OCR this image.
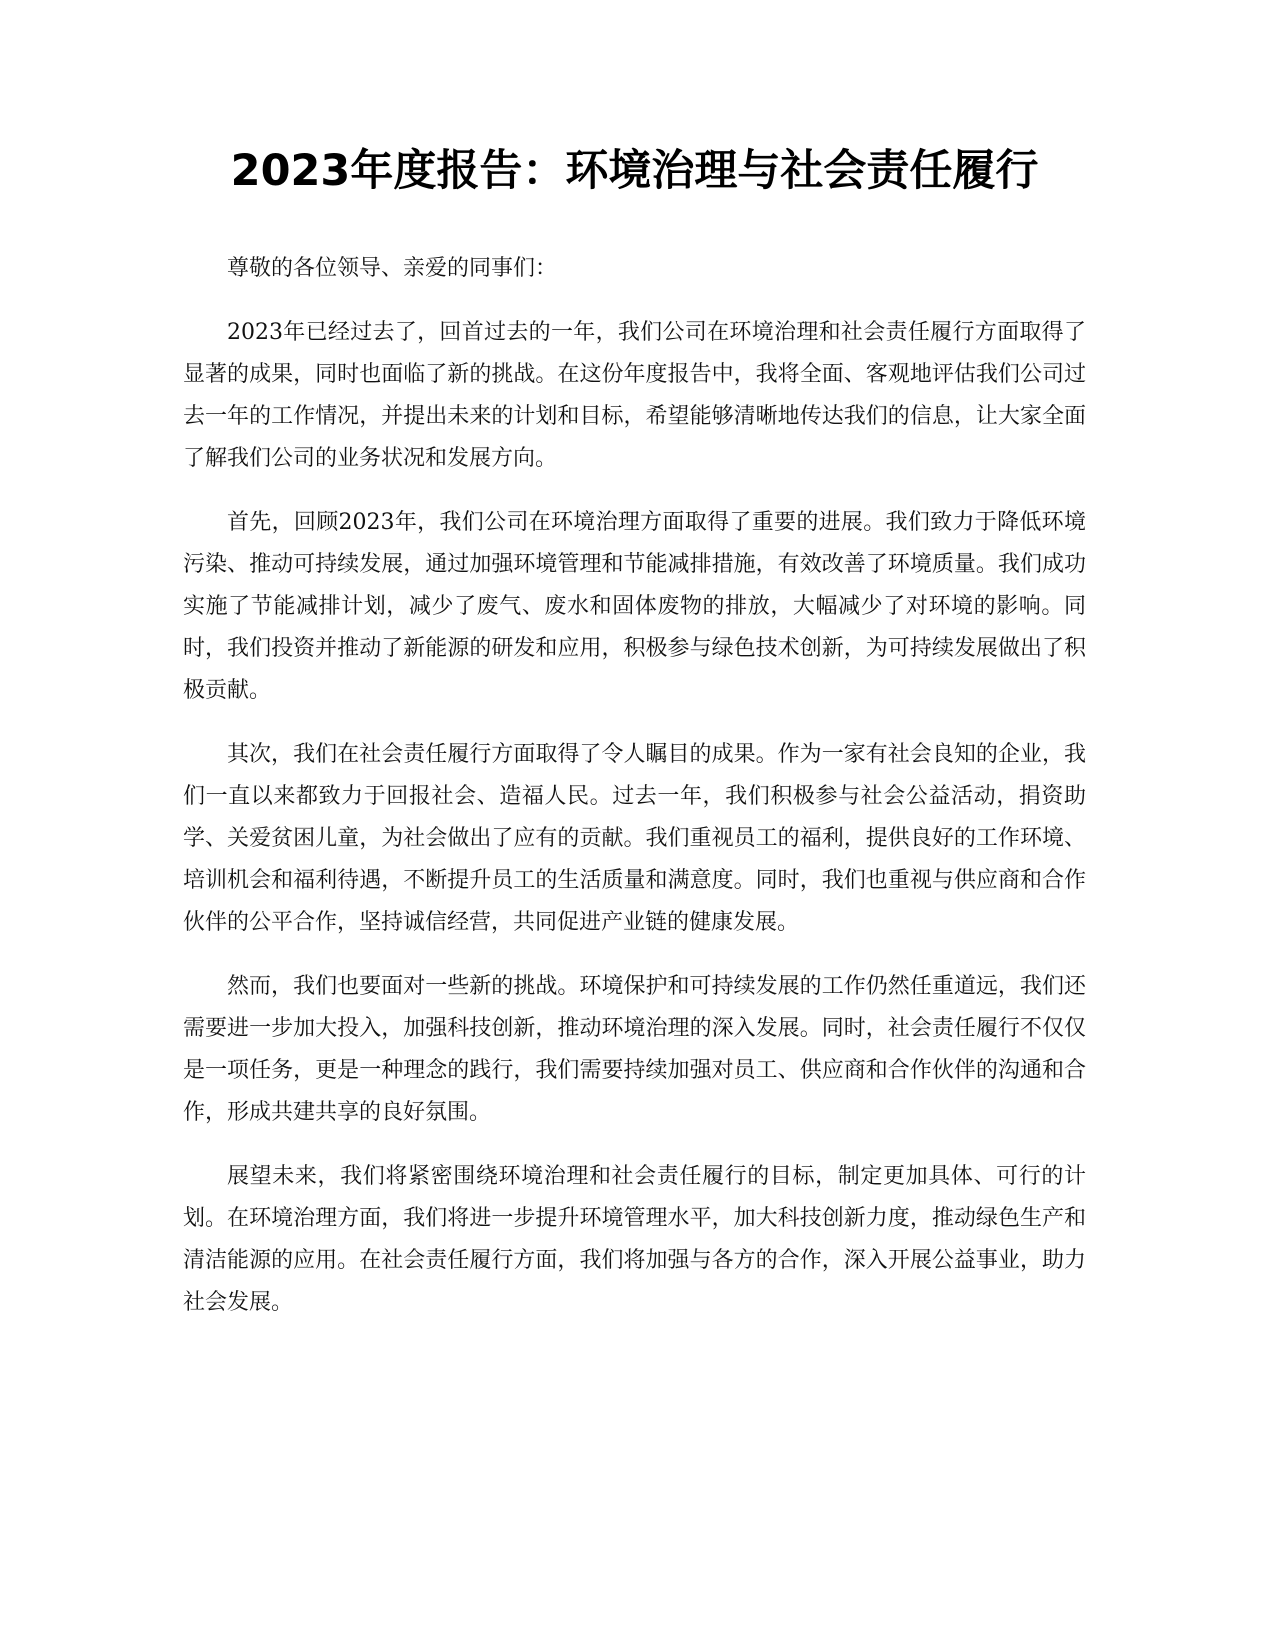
2023年度报告：环境治理与社会责任履行

尊敬的各位领导、亲爱的同事们：

2023年已经过去了，回首过去的一年，我们公司在环境治理和社会责任履行方面取得了显著的成果，同时也面临了新的挑战。在这份年度报告中，我将全面、客观地评估我们公司过去一年的工作情况，并提出未来的计划和目标，希望能够清晰地传达我们的信息，让大家全面了解我们公司的业务状况和发展方向。

首先，回顾2023年，我们公司在环境治理方面取得了重要的进展。我们致力于降低环境污染、推动可持续发展，通过加强环境管理和节能减排措施，有效改善了环境质量。我们成功实施了节能减排计划，减少了废气、废水和固体废物的排放，大幅减少了对环境的影响。同时，我们投资并推动了新能源的研发和应用，积极参与绿色技术创新，为可持续发展做出了积极贡献。

其次，我们在社会责任履行方面取得了令人瞩目的成果。作为一家有社会良知的企业，我们一直以来都致力于回报社会、造福人民。过去一年，我们积极参与社会公益活动，捐资助学、关爱贫困儿童，为社会做出了应有的贡献。我们重视员工的福利，提供良好的工作环境、培训机会和福利待遇，不断提升员工的生活质量和满意度。同时，我们也重视与供应商和合作伙伴的公平合作，坚持诚信经营，共同促进产业链的健康发展。

然而，我们也要面对一些新的挑战。环境保护和可持续发展的工作仍然任重道远，我们还需要进一步加大投入，加强科技创新，推动环境治理的深入发展。同时，社会责任履行不仅仅是一项任务，更是一种理念的践行，我们需要持续加强对员工、供应商和合作伙伴的沟通和合作，形成共建共享的良好氛围。

展望未来，我们将紧密围绕环境治理和社会责任履行的目标，制定更加具体、可行的计划。在环境治理方面，我们将进一步提升环境管理水平，加大科技创新力度，推动绿色生产和清洁能源的应用。在社会责任履行方面，我们将加强与各方的合作，深入开展公益事业，助力社会发展。
